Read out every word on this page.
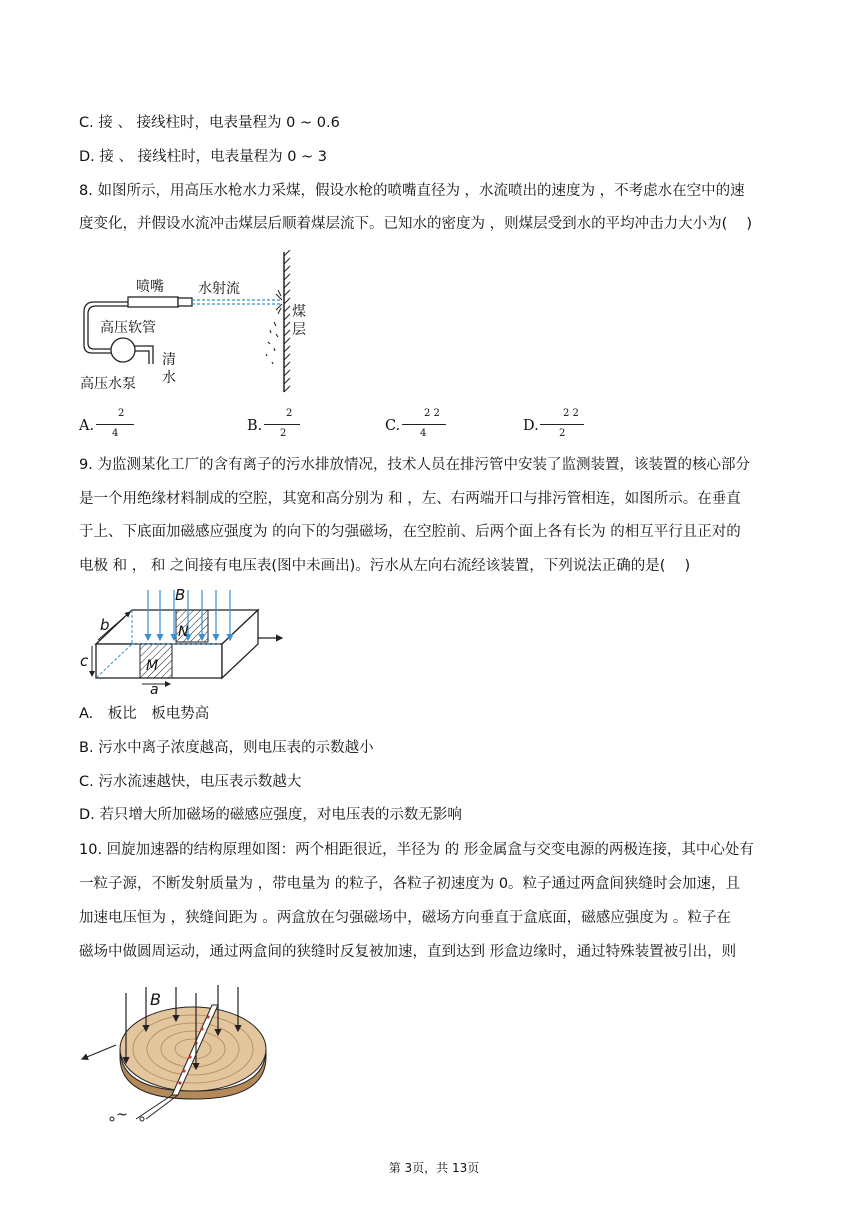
C. 接 、 接线柱时，电表量程为 0 ~ 0.6
D. 接 、 接线柱时，电表量程为 0 ~ 3
8. 如图所示，用高压水枪水力采煤，假设水枪的喷嘴直径为 ，水流喷出的速度为 ，不考虑水在空中的速
度变化，并假设水流冲击煤层后顺着煤层流下。已知水的密度为 ，则煤层受到水的平均冲击力大小为(　 )
喷嘴 水射流
煤
层
高压软管
清
水
高压水泵
A.
2
4	B.
2
2	C.
2 2
4	D.
2 2
2
9. 为监测某化工厂的含有离子的污水排放情况，技术人员在排污管中安装了监测装置，该装置的核心部分
是一个用绝缘材料制成的空腔，其宽和高分别为 和 ，左、右两端开口与排污管相连，如图所示。在垂直
于上、下底面加磁感应强度为 的向下的匀强磁场，在空腔前、后两个面上各有长为 的相互平行且正对的
电极 和 ， 和 之间接有电压表(图中未画出)。污水从左向右流经该装置，下列说法正确的是(　 )
B
b
c
N
M
a
A.　板比　板电势高
B. 污水中离子浓度越高，则电压表的示数越小
C. 污水流速越快，电压表示数越大
D. 若只增大所加磁场的磁感应强度，对电压表的示数无影响
10. 回旋加速器的结构原理如图：两个相距很近，半径为 的 形金属盒与交变电源的两极连接，其中心处有
一粒子源，不断发射质量为 ，带电量为 的粒子，各粒子初速度为 0。粒子通过两盒间狭缝时会加速，且
加速电压恒为 ，狭缝间距为 。两盒放在匀强磁场中，磁场方向垂直于盒底面，磁感应强度为 。粒子在
磁场中做圆周运动，通过两盒间的狭缝时反复被加速，直到达到 形盒边缘时，通过特殊装置被引出，则
B
~
第 3页，共 13页
